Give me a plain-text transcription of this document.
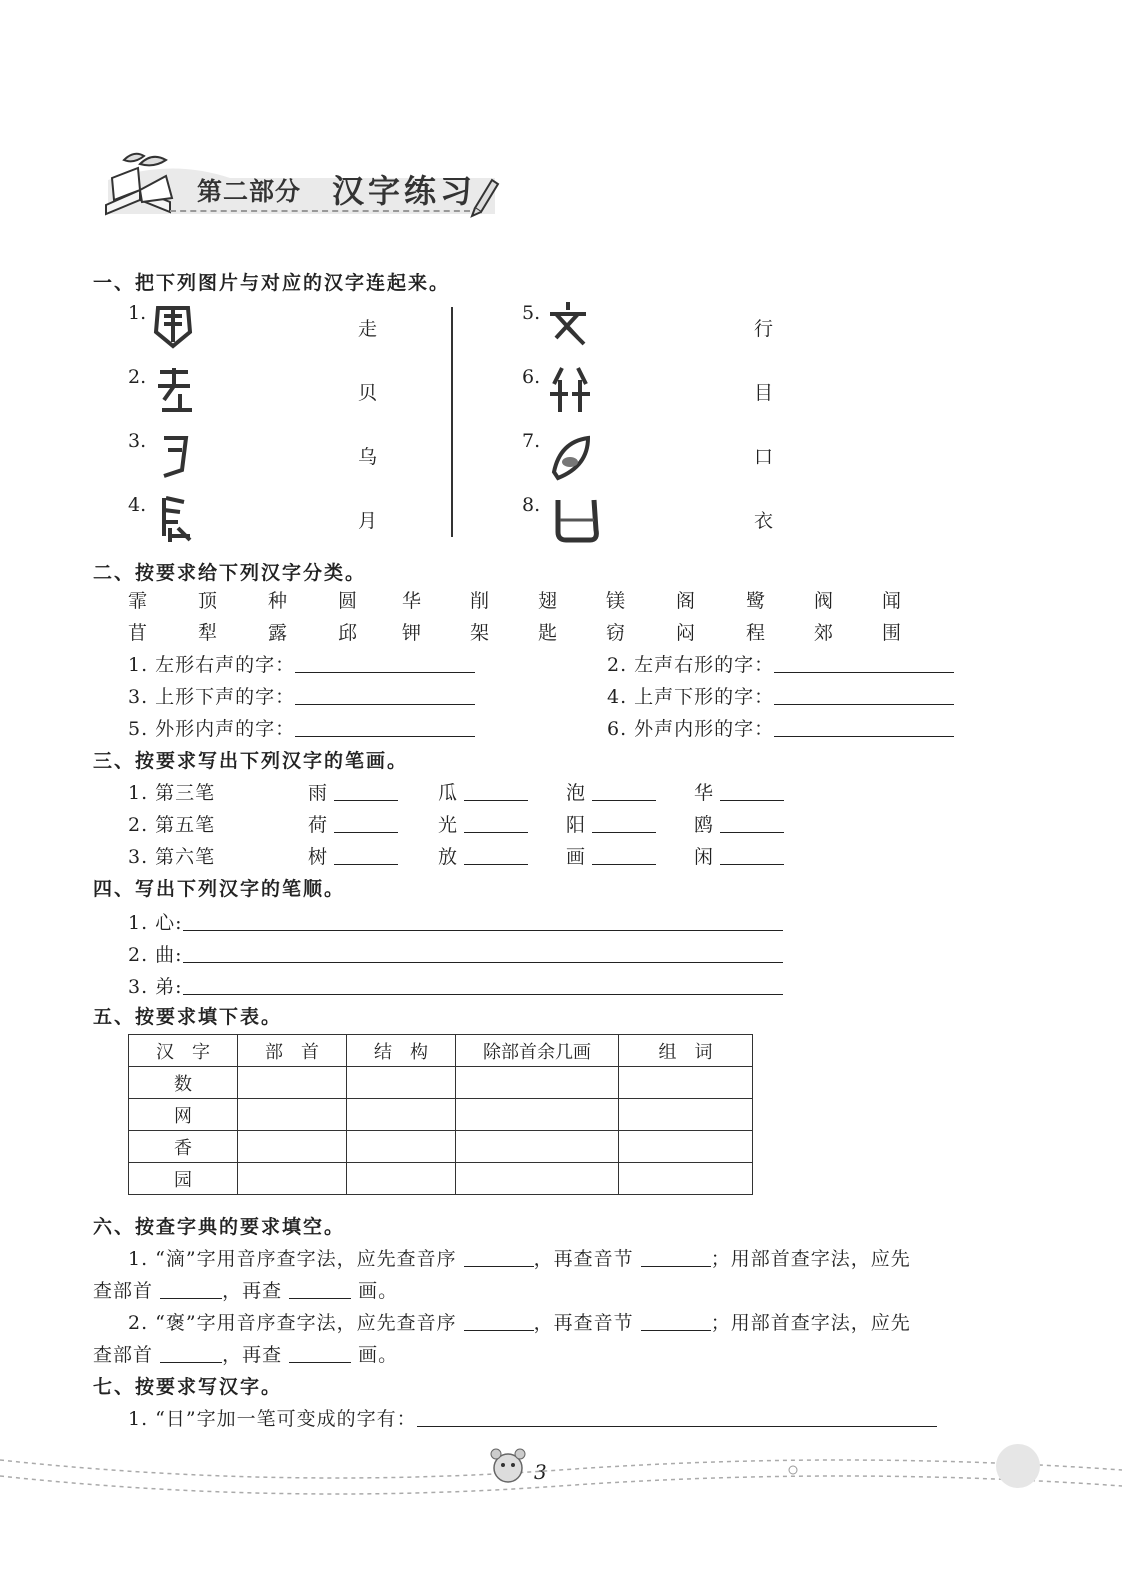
第二部分 汉字练习
一、把下列图片与对应的汉字连起来。
1.
2.
3.
4.
走
贝
乌
月
5.
6.
7.
8.
行
目
口
衣
二、按要求给下列汉字分类。
霏	顶	种	圆 华	削	翅	镁	阁	鹭	阀	闻
苜	犁	露	邱 钾	架	匙	窃	闷	程	郊	围
1. 左形右声的字：	2. 左声右形的字：
3. 上形下声的字：	4. 上声下形的字：
5. 外形内声的字：	6. 外声内形的字：
三、按要求写出下列汉字的笔画。
1. 第三笔	雨	瓜	泡	华
2. 第五笔	荷	光	阳	鸥
3. 第六笔	树	放	画	闲
四、写出下列汉字的笔顺。
1. 心:
2. 曲:
3. 弟:
五、按要求填下表。
汉　字	部　首	结　构	除部首余几画	组　词
数				
网				
香				
园				
六、按查字典的要求填空。
1. “滴”字用音序查字法，应先查音序	，再查音节	；用部首查字法，应先
查部首	，再查	画。
2. “褒”字用音序查字法，应先查音序	，再查音节	；用部首查字法，应先
查部首	，再查	画。
七、按要求写汉字。
1. “日”字加一笔可变成的字有：
3
